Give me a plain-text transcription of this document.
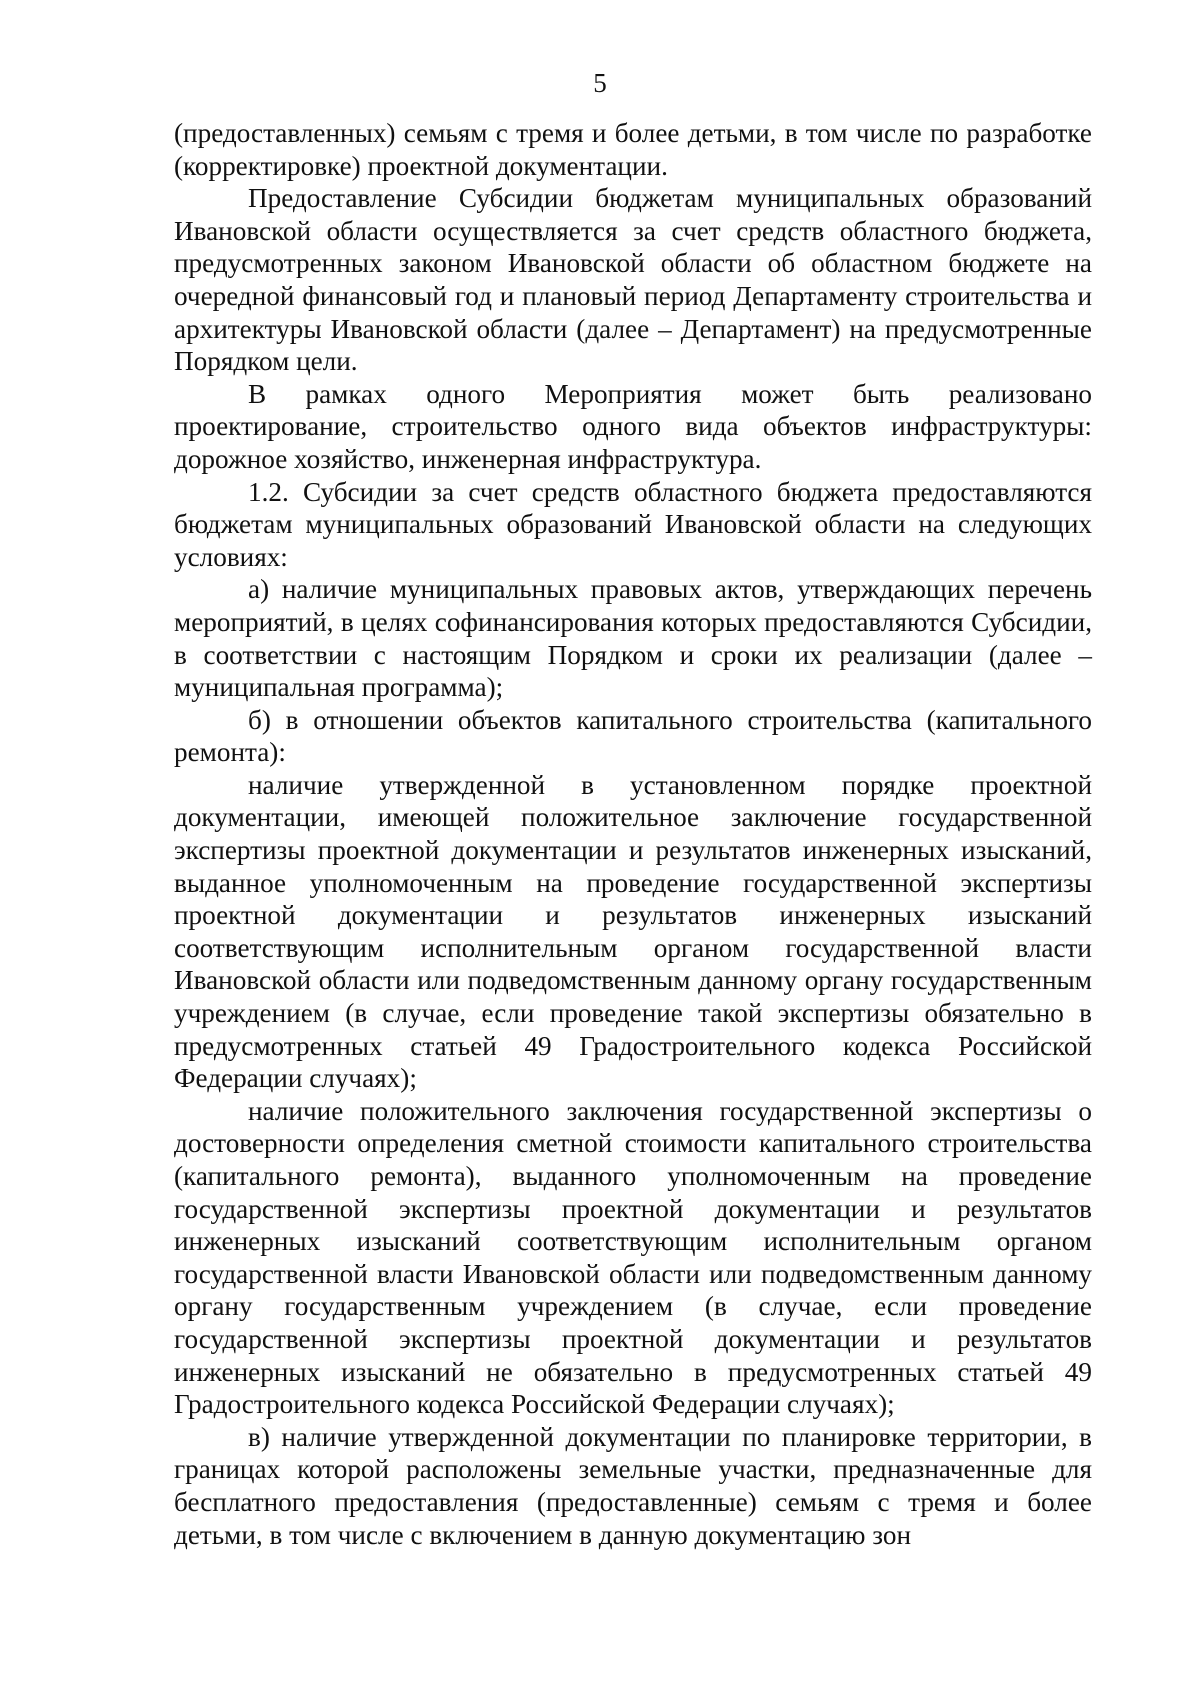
5

(предоставленных) семьям с тремя и более детьми, в том числе по разработке (корректировке) проектной документации.

Предоставление Субсидии бюджетам муниципальных образований Ивановской области осуществляется за счет средств областного бюджета, предусмотренных законом Ивановской области об областном бюджете на очередной финансовый год и плановый период Департаменту строительства и архитектуры Ивановской области (далее – Департамент) на предусмотренные Порядком цели.

В рамках одного Мероприятия может быть реализовано проектирование, строительство одного вида объектов инфраструктуры: дорожное хозяйство, инженерная инфраструктура.

1.2. Субсидии за счет средств областного бюджета предоставляются бюджетам муниципальных образований Ивановской области на следующих условиях:

а) наличие муниципальных правовых актов, утверждающих перечень мероприятий, в целях софинансирования которых предоставляются Субсидии, в соответствии с настоящим Порядком и сроки их реализации (далее – муниципальная программа);

б) в отношении объектов капитального строительства (капитального ремонта):

наличие утвержденной в установленном порядке проектной документации, имеющей положительное заключение государственной экспертизы проектной документации и результатов инженерных изысканий, выданное уполномоченным на проведение государственной экспертизы проектной документации и результатов инженерных изысканий соответствующим исполнительным органом государственной власти Ивановской области или подведомственным данному органу государственным учреждением (в случае, если проведение такой экспертизы обязательно в предусмотренных статьей 49 Градостроительного кодекса Российской Федерации случаях);

наличие положительного заключения государственной экспертизы о достоверности определения сметной стоимости капитального строительства (капитального ремонта), выданного уполномоченным на проведение государственной экспертизы проектной документации и результатов инженерных изысканий соответствующим исполнительным органом государственной власти Ивановской области или подведомственным данному органу государственным учреждением (в случае, если проведение государственной экспертизы проектной документации и результатов инженерных изысканий не обязательно в предусмотренных статьей 49 Градостроительного кодекса Российской Федерации случаях);

в) наличие утвержденной документации по планировке территории, в границах которой расположены земельные участки, предназначенные для бесплатного предоставления (предоставленные) семьям с тремя и более детьми, в том числе с включением в данную документацию зон
